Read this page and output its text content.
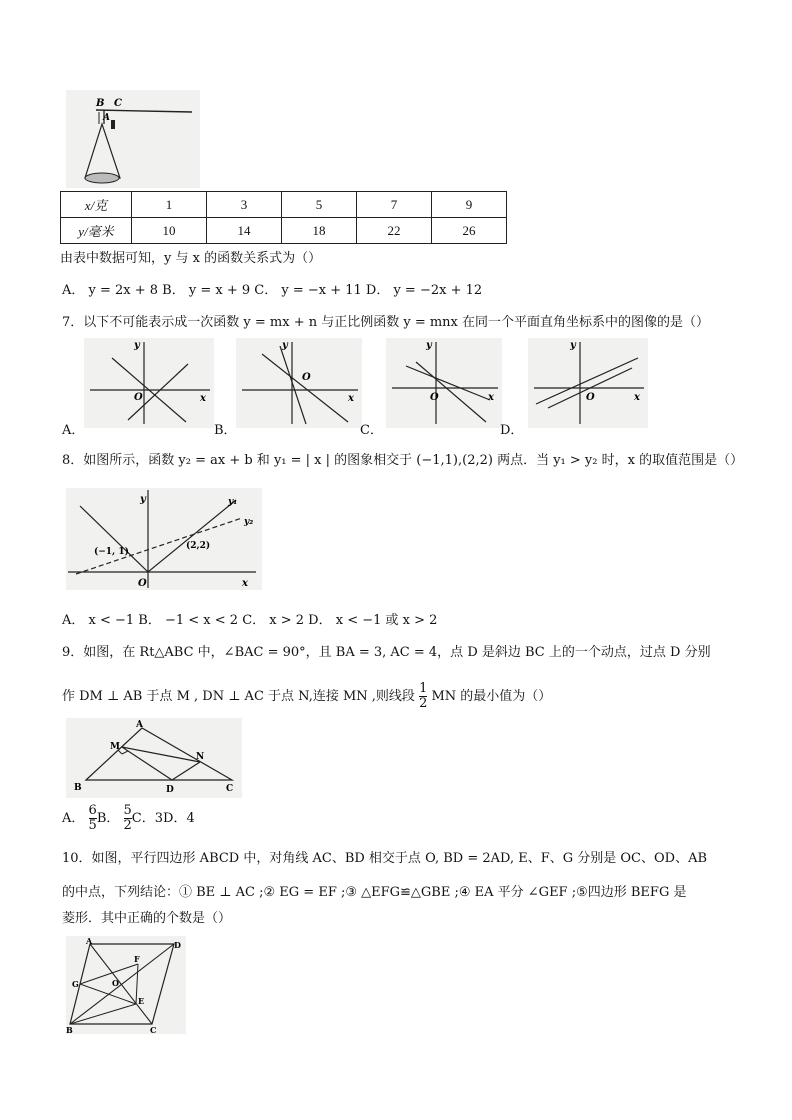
B C
A
x/克	1	3	5	7	9
y/毫米	10	14	18	22	26
由表中数据可知，y 与 x 的函数关系式为（）
A． y = 2x + 8 B． y = x + 9 C． y = −x + 11 D． y = −2x + 12
7．以下不可能表示成一次函数 y = mx + n 与正比例函数 y = mnx 在同一个平面直角坐标系中的图像的是（）
y
x
O
y
x
O
y
x
O
y
x
O
A．	B．	C．	D．
8．如图所示，函数 y₂ = ax + b 和 y₁ = | x | 的图象相交于 (−1,1),(2,2) 两点．当 y₁ > y₂ 时，x 的取值范围是（）
y
x
O
y₁
y₂
(−1, 1)
(2,2)
A． x < −1 B． −1 < x < 2 C． x > 2 D． x < −1 或 x > 2
9．如图，在 Rt△ABC 中，∠BAC = 90°，且 BA = 3, AC = 4，点 D 是斜边 BC 上的一个动点，过点 D 分别
作 DM ⊥ AB 于点 M , DN ⊥ AC 于点 N,连接 MN ,则线段 $\frac{1}{2}$ MN 的最小值为（）
A
M
N
B	D	C
A． $\frac{6}{5}$ B． $\frac{5}{2}$ C．3D．4
10．如图，平行四边形 ABCD 中，对角线 AC、BD 相交于点 O, BD = 2AD, E、F、G 分别是 OC、OD、AB
的中点，下列结论：① BE ⊥ AC ;② EG = EF ;③ △EFG≌△GBE ;④ EA 平分 ∠GEF ;⑤四边形 BEFG 是
菱形．其中正确的个数是（）
A	D
F
G	O
E
B	C
